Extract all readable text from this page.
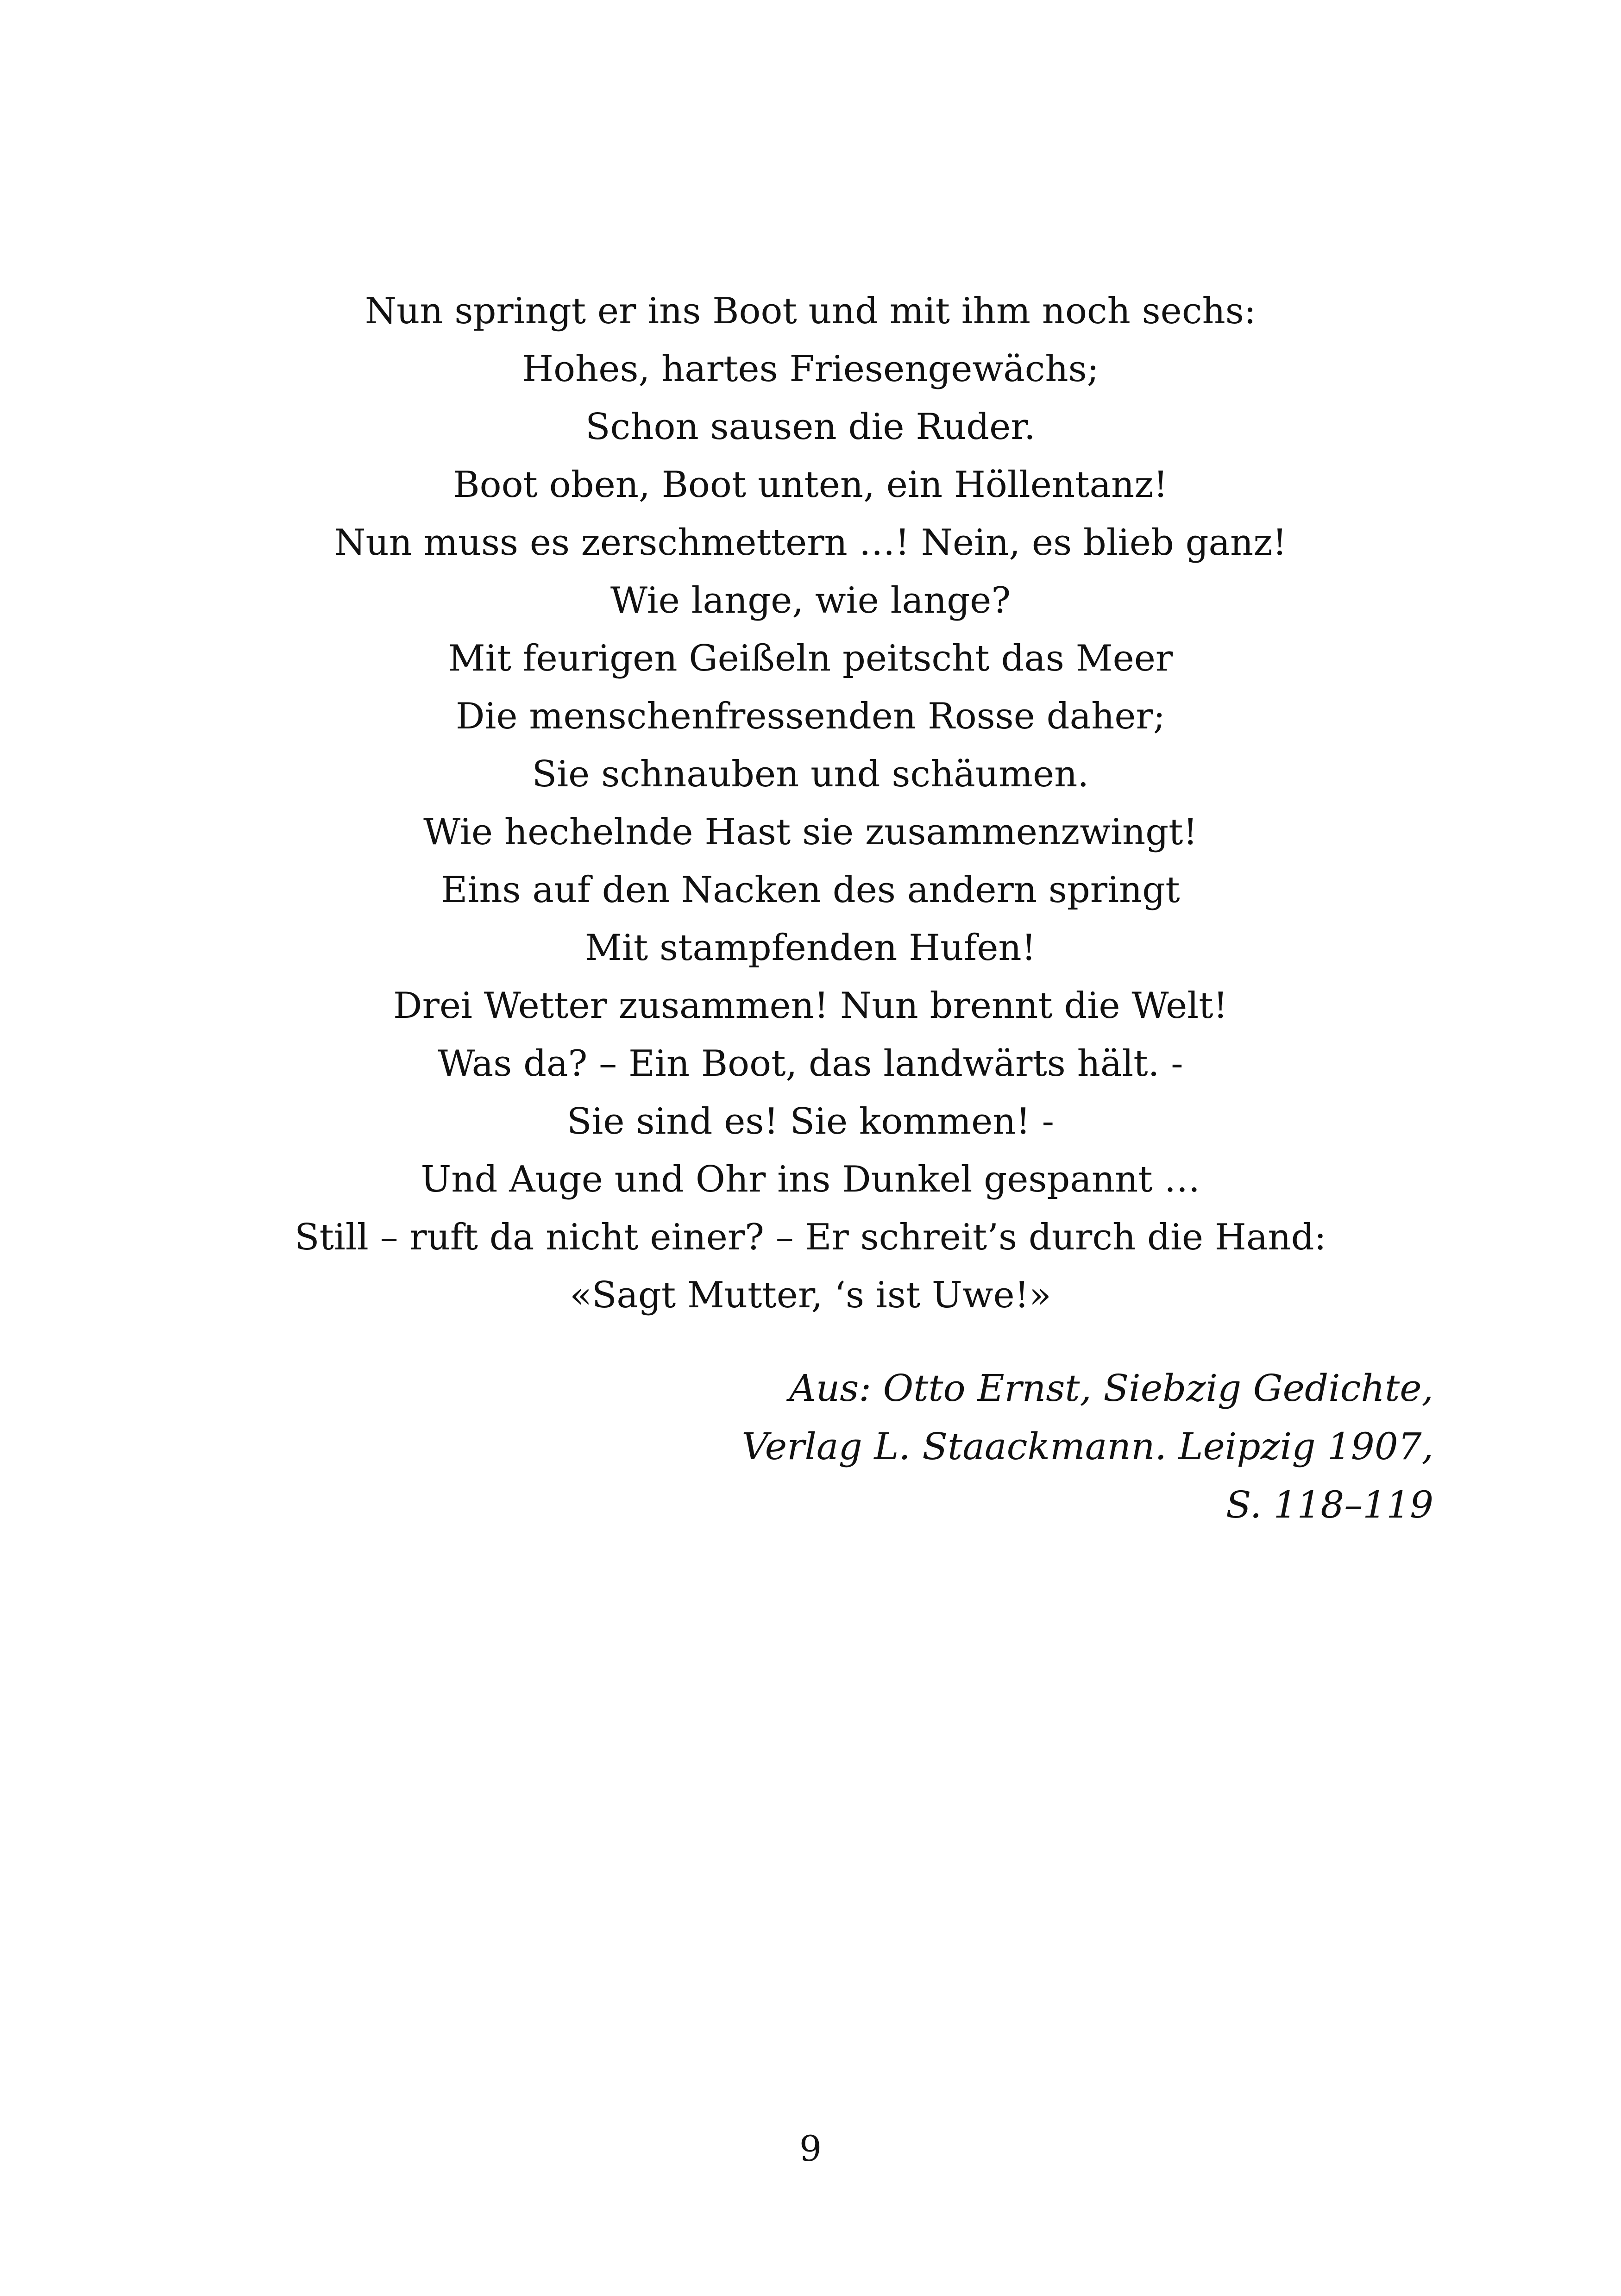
Nun springt er ins Boot und mit ihm noch sechs:
Hohes, hartes Friesengewächs;
Schon sausen die Ruder.
Boot oben, Boot unten, ein Höllentanz!
Nun muss es zerschmettern …! Nein, es blieb ganz!
Wie lange, wie lange?
Mit feurigen Geißeln peitscht das Meer
Die menschenfressenden Rosse daher;
Sie schnauben und schäumen.
Wie hechelnde Hast sie zusammenzwingt!
Eins auf den Nacken des andern springt
Mit stampfenden Hufen!
Drei Wetter zusammen! Nun brennt die Welt!
Was da? – Ein Boot, das landwärts hält. -
Sie sind es! Sie kommen! -
Und Auge und Ohr ins Dunkel gespannt …
Still – ruft da nicht einer? – Er schreit’s durch die Hand:
«Sagt Mutter, ‘s ist Uwe!»
Aus: Otto Ernst, Siebzig Gedichte,
Verlag L. Staackmann. Leipzig 1907,
S. 118–119
9
